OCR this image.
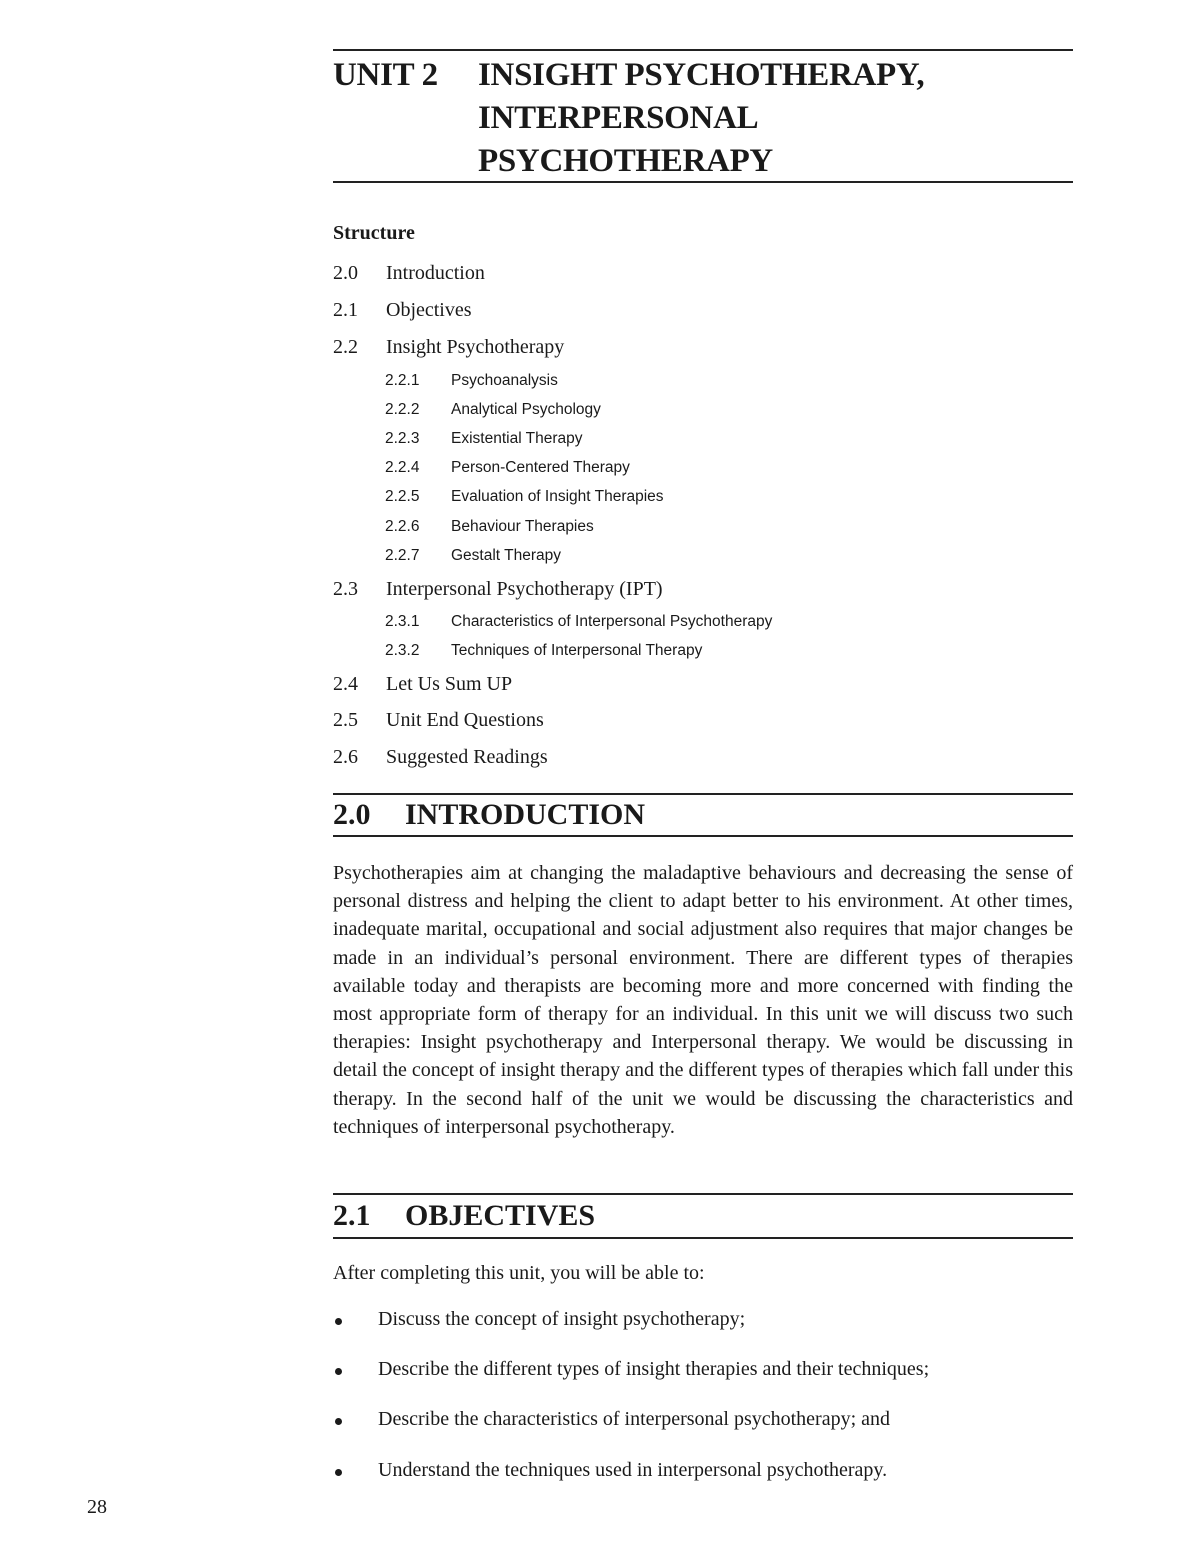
UNIT 2 INSIGHT PSYCHOTHERAPY,
INTERPERSONAL
PSYCHOTHERAPY
Structure
2.0 Introduction
2.1 Objectives
2.2 Insight Psychotherapy
2.2.1 Psychoanalysis
2.2.2 Analytical Psychology
2.2.3 Existential Therapy
2.2.4 Person-Centered Therapy
2.2.5 Evaluation of Insight Therapies
2.2.6 Behaviour Therapies
2.2.7 Gestalt Therapy
2.3 Interpersonal Psychotherapy (IPT)
2.3.1 Characteristics of Interpersonal Psychotherapy
2.3.2 Techniques of Interpersonal Therapy
2.4 Let Us Sum UP
2.5 Unit End Questions
2.6 Suggested Readings
2.0 INTRODUCTION
Psychotherapies aim at changing the maladaptive behaviours and decreasing the sense of personal distress and helping the client to adapt better to his environment. At other times, inadequate marital, occupational and social adjustment also requires that major changes be made in an individual’s personal environment. There are different types of therapies available today and therapists are becoming more and more concerned with finding the most appropriate form of therapy for an individual. In this unit we will discuss two such therapies: Insight psychotherapy and Interpersonal therapy. We would be discussing in detail the concept of insight therapy and the different types of therapies which fall under this therapy. In the second half of the unit we would be discussing the characteristics and techniques of interpersonal psychotherapy.
2.1 OBJECTIVES
After completing this unit, you will be able to:
Discuss the concept of insight psychotherapy;
Describe the different types of insight therapies and their techniques;
Describe the characteristics of interpersonal psychotherapy; and
Understand the techniques used in interpersonal psychotherapy.
28
